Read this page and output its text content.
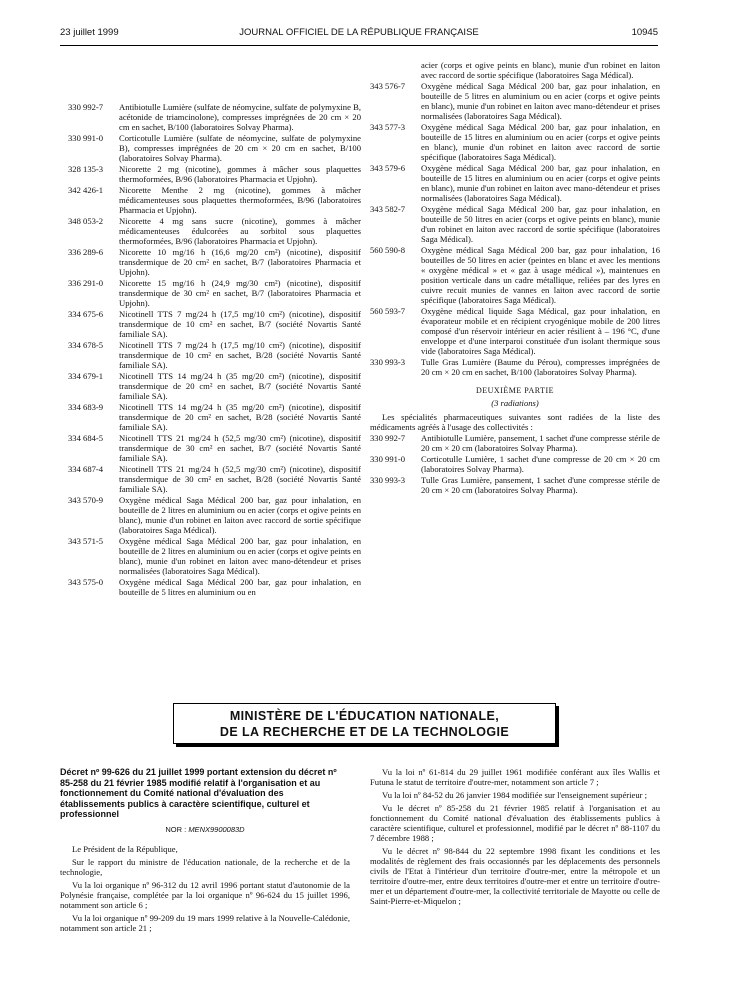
23 juillet 1999	JOURNAL OFFICIEL DE LA RÉPUBLIQUE FRANÇAISE	10945
330 992-7	Antibiotulle Lumière (sulfate de néomycine, sulfate de polymyxine B, acétonide de triamcinolone), compresses imprégnées de 20 cm × 20 cm en sachet, B/100 (laboratoires Solvay Pharma).
330 991-0	Corticotulle Lumière (sulfate de néomycine, sulfate de polymyxine B), compresses imprégnées de 20 cm × 20 cm en sachet, B/100 (laboratoires Solvay Pharma).
328 135-3	Nicorette 2 mg (nicotine), gommes à mâcher sous plaquettes thermoformées, B/96 (laboratoires Pharmacia et Upjohn).
342 426-1	Nicorette Menthe 2 mg (nicotine), gommes à mâcher médicamenteuses sous plaquettes thermoformées, B/96 (laboratoires Pharmacia et Upjohn).
348 053-2	Nicorette 4 mg sans sucre (nicotine), gommes à mâcher médicamenteuses édulcorées au sorbitol sous plaquettes thermoformées, B/96 (laboratoires Pharmacia et Upjohn).
336 289-6	Nicorette 10 mg/16 h (16,6 mg/20 cm²) (nicotine), dispositif transdermique de 20 cm² en sachet, B/7 (laboratoires Pharmacia et Upjohn).
336 291-0	Nicorette 15 mg/16 h (24,9 mg/30 cm²) (nicotine), dispositif transdermique de 30 cm² en sachet, B/7 (laboratoires Pharmacia et Upjohn).
334 675-6	Nicotinell TTS 7 mg/24 h (17,5 mg/10 cm²) (nicotine), dispositif transdermique de 10 cm² en sachet, B/7 (société Novartis Santé familiale SA).
334 678-5	Nicotinell TTS 7 mg/24 h (17,5 mg/10 cm²) (nicotine), dispositif transdermique de 10 cm² en sachet, B/28 (société Novartis Santé familiale SA).
334 679-1	Nicotinell TTS 14 mg/24 h (35 mg/20 cm²) (nicotine), dispositif transdermique de 20 cm² en sachet, B/7 (société Novartis Santé familiale SA).
334 683-9	Nicotinell TTS 14 mg/24 h (35 mg/20 cm²) (nicotine), dispositif transdermique de 20 cm² en sachet, B/28 (société Novartis Santé familiale SA).
334 684-5	Nicotinell TTS 21 mg/24 h (52,5 mg/30 cm²) (nicotine), dispositif transdermique de 30 cm² en sachet, B/7 (société Novartis Santé familiale SA).
334 687-4	Nicotinell TTS 21 mg/24 h (52,5 mg/30 cm²) (nicotine), dispositif transdermique de 30 cm² en sachet, B/28 (société Novartis Santé familiale SA).
343 570-9	Oxygène médical Saga Médical 200 bar, gaz pour inhalation, en bouteille de 2 litres en aluminium ou en acier (corps et ogive peints en blanc), munie d'un robinet en laiton avec raccord de sortie spécifique (laboratoires Saga Médical).
343 571-5	Oxygène médical Saga Médical 200 bar, gaz pour inhalation, en bouteille de 2 litres en aluminium ou en acier (corps et ogive peints en blanc), munie d'un robinet en laiton avec mano-détendeur et prises normalisées (laboratoires Saga Médical).
343 575-0	Oxygène médical Saga Médical 200 bar, gaz pour inhalation, en bouteille de 5 litres en aluminium ou en
acier (corps et ogive peints en blanc), munie d'un robinet en laiton avec raccord de sortie spécifique (laboratoires Saga Médical).
343 576-7	Oxygène médical Saga Médical 200 bar, gaz pour inhalation, en bouteille de 5 litres en aluminium ou en acier (corps et ogive peints en blanc), munie d'un robinet en laiton avec mano-détendeur et prises normalisées (laboratoires Saga Médical).
343 577-3	Oxygène médical Saga Médical 200 bar, gaz pour inhalation, en bouteille de 15 litres en aluminium ou en acier (corps et ogive peints en blanc), munie d'un robinet en laiton avec raccord de sortie spécifique (laboratoires Saga Médical).
343 579-6	Oxygène médical Saga Médical 200 bar, gaz pour inhalation, en bouteille de 15 litres en aluminium ou en acier (corps et ogive peints en blanc), munie d'un robinet en laiton avec mano-détendeur et prises normalisées (laboratoires Saga Médical).
343 582-7	Oxygène médical Saga Médical 200 bar, gaz pour inhalation, en bouteille de 50 litres en acier (corps et ogive peints en blanc), munie d'un robinet en laiton avec raccord de sortie spécifique (laboratoires Saga Médical).
560 590-8	Oxygène médical Saga Médical 200 bar, gaz pour inhalation, 16 bouteilles de 50 litres en acier (peintes en blanc et avec les mentions « oxygène médical » et « gaz à usage médical »), maintenues en position verticale dans un cadre métallique, reliées par des lyres en cuivre recuit munies de vannes en laiton avec raccord de sortie spécifique (laboratoires Saga Médical).
560 593-7	Oxygène médical liquide Saga Médical, gaz pour inhalation, en évaporateur mobile et en récipient cryogénique mobile de 200 litres composé d'un réservoir intérieur en acier résilient à – 196 °C, d'une enveloppe et d'une interparoi constituée d'un isolant thermique sous vide (laboratoires Saga Médical).
330 993-3	Tulle Gras Lumière (Baume du Pérou), compresses imprégnées de 20 cm × 20 cm en sachet, B/100 (laboratoires Solvay Pharma).
DEUXIÈME PARTIE
(3 radiations)
Les spécialités pharmaceutiques suivantes sont radiées de la liste des médicaments agréés à l'usage des collectivités :
330 992-7	Antibiotulle Lumière, pansement, 1 sachet d'une compresse stérile de 20 cm × 20 cm (laboratoires Solvay Pharma).
330 991-0	Corticotulle Lumière, 1 sachet d'une compresse de 20 cm × 20 cm (laboratoires Solvay Pharma).
330 993-3	Tulle Gras Lumière, pansement, 1 sachet d'une compresse stérile de 20 cm × 20 cm (laboratoires Solvay Pharma).
MINISTÈRE DE L'ÉDUCATION NATIONALE,
DE LA RECHERCHE ET DE LA TECHNOLOGIE
Décret nº 99-626 du 21 juillet 1999 portant extension du décret nº 85-258 du 21 février 1985 modifié relatif à l'organisation et au fonctionnement du Comité national d'évaluation des établissements publics à caractère scientifique, culturel et professionnel
NOR : MENX9900083D

Le Président de la République,

Sur le rapport du ministre de l'éducation nationale, de la recherche et de la technologie,

Vu la loi organique nº 96-312 du 12 avril 1996 portant statut d'autonomie de la Polynésie française, complétée par la loi organique nº 96-624 du 15 juillet 1996, notamment son article 6 ;

Vu la loi organique nº 99-209 du 19 mars 1999 relative à la Nouvelle-Calédonie, notamment son article 21 ;

Vu la loi nº 61-814 du 29 juillet 1961 modifiée conférant aux îles Wallis et Futuna le statut de territoire d'outre-mer, notamment son article 7 ;

Vu la loi nº 84-52 du 26 janvier 1984 modifiée sur l'enseignement supérieur ;

Vu le décret nº 85-258 du 21 février 1985 relatif à l'organisation et au fonctionnement du Comité national d'évaluation des établissements publics à caractère scientifique, culturel et professionnel, modifié par le décret nº 88-1107 du 7 décembre 1988 ;

Vu le décret nº 98-844 du 22 septembre 1998 fixant les conditions et les modalités de règlement des frais occasionnés par les déplacements des personnels civils de l'Etat à l'intérieur d'un territoire d'outre-mer, entre la métropole et un territoire d'outre-mer, entre deux territoires d'outre-mer et entre un territoire d'outre-mer et un département d'outre-mer, la collectivité territoriale de Mayotte ou celle de Saint-Pierre-et-Miquelon ;
